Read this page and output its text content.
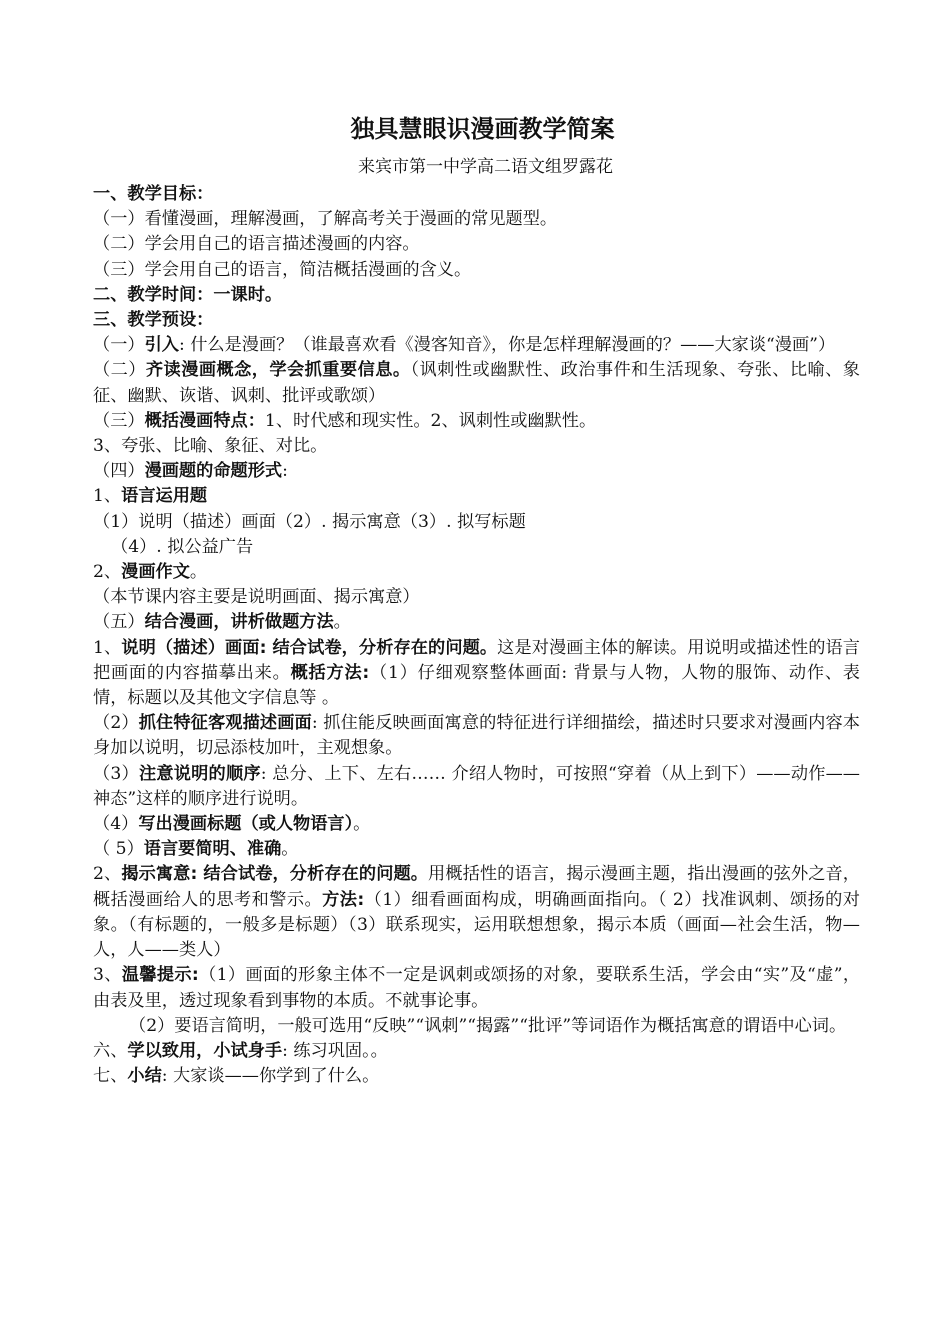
独具慧眼识漫画教学简案

来宾市第一中学高二语文组罗露花

一、教学目标：

（一）看懂漫画，理解漫画，了解高考关于漫画的常见题型。

（二）学会用自己的语言描述漫画的内容。

（三）学会用自己的语言，简洁概括漫画的含义。

二、教学时间：一课时。

三、教学预设：

（一）引入: 什么是漫画？（谁最喜欢看《漫客知音》，你是怎样理解漫画的？——大家谈“漫画”）

（二）齐读漫画概念，学会抓重要信息。（讽刺性或幽默性、政治事件和生活现象、夸张、比喻、象征、幽默、诙谐、讽刺、批评或歌颂）

（三）概括漫画特点：1、时代感和现实性。2、讽刺性或幽默性。

3、夸张、比喻、象征、对比。

（四）漫画题的命题形式:

1、语言运用题

（1）说明（描述）画面（2）. 揭示寓意（3）. 拟写标题

（4）. 拟公益广告

2、漫画作文。

（本节课内容主要是说明画面、揭示寓意）

（五）结合漫画，讲析做题方法。

1、说明（描述）画面: 结合试卷，分析存在的问题。这是对漫画主体的解读。用说明或描述性的语言把画面的内容描摹出来。概括方法:（1）仔细观察整体画面: 背景与人物，人物的服饰、动作、表情，标题以及其他文字信息等 。

（2）抓住特征客观描述画面: 抓住能反映画面寓意的特征进行详细描绘，描述时只要求对漫画内容本身加以说明，切忌添枝加叶，主观想象。

（3）注意说明的顺序: 总分、上下、左右…… 介绍人物时，可按照“穿着（从上到下）——动作——神态”这样的顺序进行说明。

（4）写出漫画标题（或人物语言）。

（ 5）语言要简明、准确。

2、揭示寓意: 结合试卷，分析存在的问题。用概括性的语言，揭示漫画主题，指出漫画的弦外之音，概括漫画给人的思考和警示。方法:（1）细看画面构成，明确画面指向。（ 2）找准讽刺、颂扬的对象。（有标题的，一般多是标题）（3）联系现实，运用联想想象，揭示本质（画面—社会生活，物—人，人——类人）

3、温馨提示:（1）画面的形象主体不一定是讽刺或颂扬的对象，要联系生活，学会由“实”及“虚”，由表及里，透过现象看到事物的本质。不就事论事。

（2）要语言简明，一般可选用“反映”“讽刺”“揭露”“批评”等词语作为概括寓意的谓语中心词。

六、学以致用，小试身手: 练习巩固。。

七、小结: 大家谈——你学到了什么。
